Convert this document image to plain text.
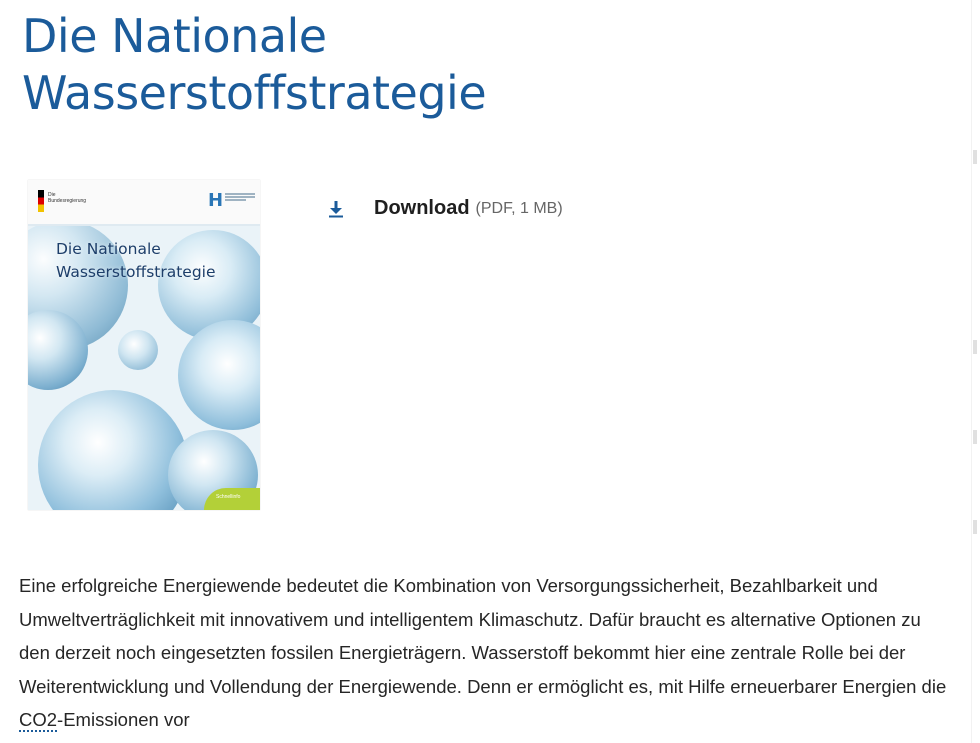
Die Nationale
Wasserstoffstrategie
Die
Bundesregierung	H
Die Nationale
Wasserstoffstrategie
Schnellinfo
Download (PDF, 1 MB)

Eine erfolgreiche Energiewende bedeutet die Kombination von Versorgungssicherheit, Bezahlbarkeit und Umweltverträglichkeit mit innovativem und intelligentem Klimaschutz. Dafür braucht es alternative Optionen zu den derzeit noch eingesetzten fossilen Energieträgern. Wasserstoff bekommt hier eine zentrale Rolle bei der Weiterentwicklung und Vollendung der Energiewende. Denn er ermöglicht es, mit Hilfe erneuerbarer Energien die CO2-Emissionen vor
